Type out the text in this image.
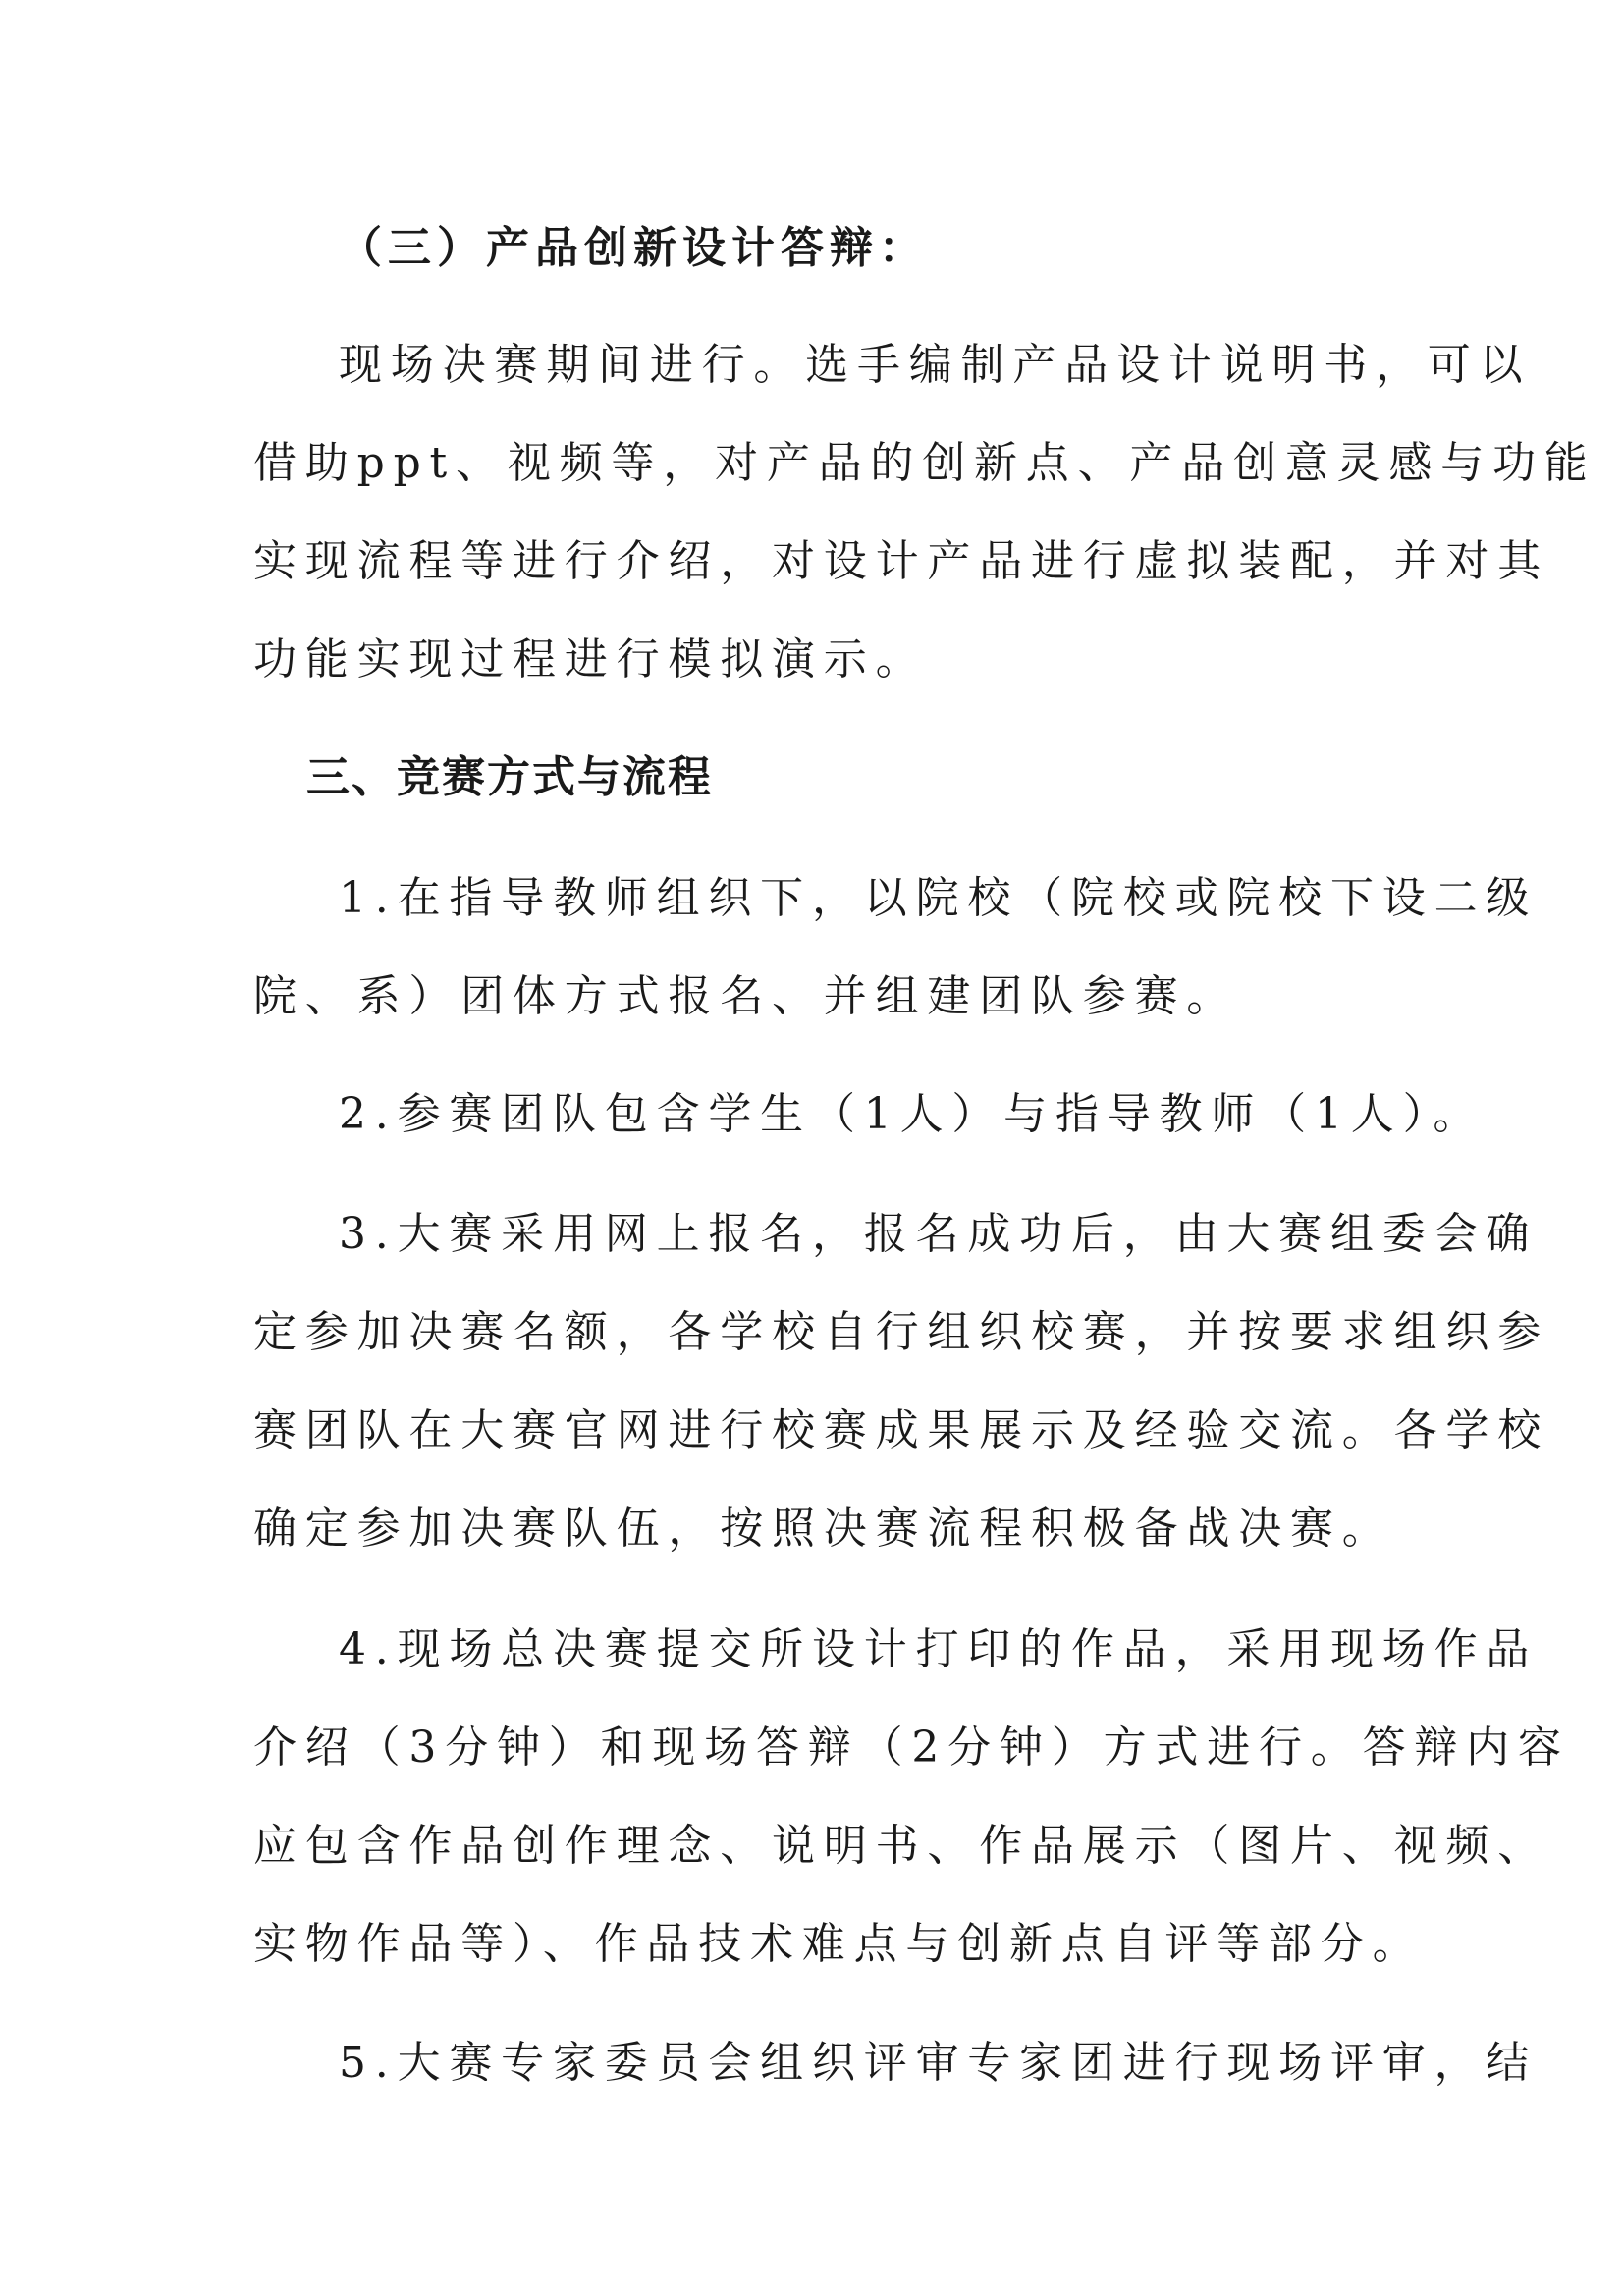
（三）产品创新设计答辩：
现场决赛期间进行。选手编制产品设计说明书，可以
借助ppt、视频等，对产品的创新点、产品创意灵感与功能
实现流程等进行介绍，对设计产品进行虚拟装配，并对其
功能实现过程进行模拟演示。
三、竞赛方式与流程
1.在指导教师组织下，以院校（院校或院校下设二级
院、系）团体方式报名、并组建团队参赛。
2.参赛团队包含学生（1人）与指导教师（1人）。
3.大赛采用网上报名，报名成功后，由大赛组委会确
定参加决赛名额，各学校自行组织校赛，并按要求组织参
赛团队在大赛官网进行校赛成果展示及经验交流。各学校
确定参加决赛队伍，按照决赛流程积极备战决赛。
4.现场总决赛提交所设计打印的作品，采用现场作品
介绍（3分钟）和现场答辩（2分钟）方式进行。答辩内容
应包含作品创作理念、说明书、作品展示（图片、视频、
实物作品等）、作品技术难点与创新点自评等部分。
5.大赛专家委员会组织评审专家团进行现场评审，结
